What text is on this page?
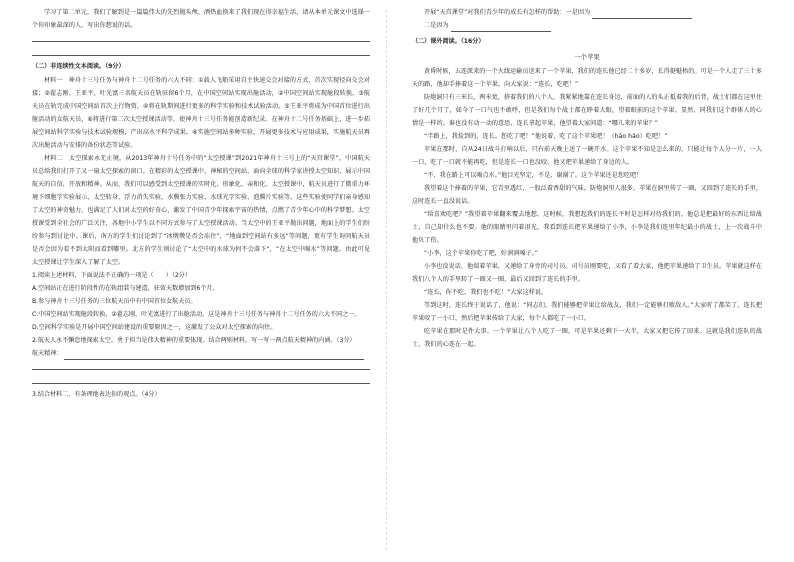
学习了第二单元，我们了解到是一篇篇伟大的先烈抛头颅、洒热血换来了我们现在得幸福生活，请从本单元课文中选择一个你印象最深的人，写出你想说的话。

（二）非连续性文本阅读。（9分）

材料一　神舟十三号任务与神舟十二号任务的六大不同：①载人飞船采用自主快速交会对接的方式，首次实现径向交会对接；②翟志刚、王亚平、叶光富三名航天员在轨驻留6个月，在中国空间站实现出舱活动，②中国空间站实现舱段转换、③航天员在轨完成中国空间站首次上行物资，④将在轨期间进行更多的科学实验和技术试验活动，⑤王亚平将成为中国首位进行出舱活动的女航天员，⑥将进行第二次太空授课活动等，使神舟十三号任务能创造新纪录。在神舟十二号任务基础上，进一步拓展空间站科学实验与技术试验规模，产出高水平科学成果。⑥实施空间站多种实验，开展更多技术与应用成果，实施航天员再次出舱活动与安排的备份状态等试验。

材料二　太空探索永无止境。从2013年神舟十号任务中的“太空授课”到2021年神舟十三号上的“天宫课堂”，中国航天员总给我们打开了又一扇太空探索的窗口。在精彩的太空授课中，神秘的空间站，面向全球的科学家讲授太空知识，展示中国航天的自信，开放和精神。从而，我们可以感受到太空授课的实时化、形象化、亲和化。太空授课中，航天员进行了微重力环境下细胞学实验展示、太空转身、浮力消失实验、水膜张力实验、水球光学实验、泡腾片实验等，这些实验使同学们亲身感知了太空的神奇魅力，也满足了人们对太空的好奇心，激发了中国青少年探索宇宙的热情，点燃了青少年心中的科学梦想。太空授课受到全社会的广泛关注，各地中小学生以不同方式参与了太空授课活动。当太空中的王亚平抛出问题，地面上的学生们纷纷参与到讨论中。课后，南方的学生们讨论到了“冰墩墩是否会冻住”，“地面到空间站有多远”等问题，更有学生询问航天员是否会因为看不到太阳而看到哪里。北方的学生则讨论了“太空中的水球为何不会落下”，“在太空中喝水”等问题。由此可见太空授课让学生深入了解了太空。

1.阅读上述材料，下面说法不正确的一项是（　　）（2分）

A.空间站正在进行阶段性的在轨组装与建造，驻留天数增加到6个月。

B.参与神舟十三号任务的三位航天员中有中国首位女航天员。

C.中国空间站实现舱段转换、②翟志刚、叶光富进行了出舱活动，这是神舟十三号任务与神舟十二号任务的六大不同之一。

D.空间科学实验是开展中国空间站建设的重要原因之一，这激发了公众对太空探索的向往。

2.航天人永不懈怠地探索太空，勇于担当是伟大精神的重要体现。结合两则材料，写一写一两点航天精神的内涵。（3分）

航天精神：

3.结合材料二，有条理地表达你的观点。（4分）

开展“天宫课堂”对我们青少年的成长有怎样的帮助：一是因为

二是因为

（二）课外阅读。（16分）
一个苹果

黄昏时候，五连派来的一个火线运输员送来了一个苹果，我们的连长他已经二十多岁，长得挺魁梧的。可是一个人走了三十多天的路，他却手捧着这一个苹果，向大家说：“连长，吃吧！”

防炮洞只有三米长、两米宽，挤着我们的八个人，我紧紧地靠在连长身边，前面的人的头正抵着我的后背，战士们都在这里住了好几个月了，如今了一口气也不敢呼，但是我们每个战士都在睁着大眼，望着眼前的这个苹果。显然，同我们这个群体人的心情是一样的。谁也没有动一动的意思，连长拿起苹果，他望着大家问道：“哪儿来的苹果？”

“半路上，我捡到的，连长。您吃了吧！”他说着，吃了这个苹果吧！（hāo hǎo）吃吧！”

苹果在那时，自从24日战斗打响以后，只有前天晚上送了一碗开水。这个苹果不知是怎么来的，只能让每个人分一片，一人一口，吃了一口就不能再吃，但是连长一口也没咬，他又把苹果递给了身边的人。

“不，我在路上可以喝点水。”他目光坚定，不是，谢谢了。这个苹果还是您吃吧！

我望着这个捧着的苹果，它青里透红，一股泛着香甜的气味。防炮洞里人很多，苹果在洞里传了一圈，又回到了连长的手里，这时连长一直没说话。

“给喜欢吃吧？”我望着苹果翻来覆去地想。这时候，我想起我们的连长平时是怎样对待我们的。他总是把最好的东西让给战士，自己却什么也不要。他的眼睛里闪着泪光，我看到连长把苹果递给了小李，小李是我们连里年纪最小的战士，上一次战斗中他负了伤。

“小李，这个苹果你吃了吧，好润润嗓子。”

小李也没说话，他端着苹果，又递给了身旁的司号员。司号员刚要吃，又看了看大家，他把苹果递给了卫生员。苹果就这样在我们八个人的手里转了一圈又一圈，最后又回到了连长的手里。

“连长，你不吃，我们也不吃！”大家这样说。

等到这时，连长终于说话了，他说：“同志们，我们能够把苹果让给战友，我们一定能够打败敌人。”大家听了都笑了，连长把苹果咬了一小口，然后把苹果传给了大家，每个人都吃了一小口。

吃苹果在那时是件大事。一个苹果让八个人吃了一圈，可是苹果还剩下一大半，大家又把它传了回来。这就是我们连队的战士，我们的心连在一起。
